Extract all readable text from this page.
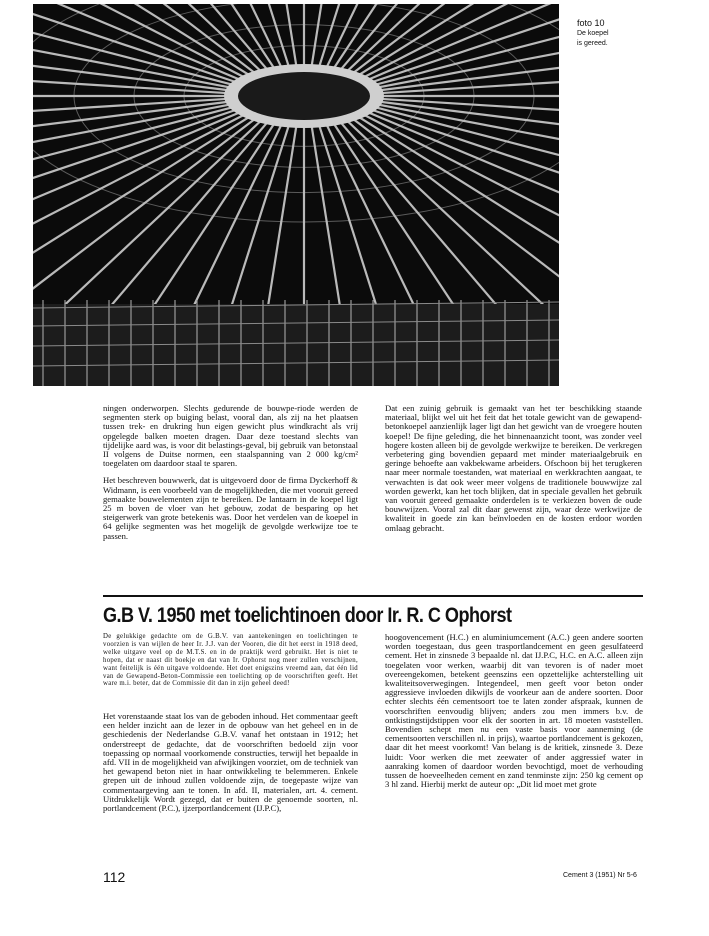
foto 10
De koepel
is gereed.

ningen onderworpen. Slechts gedurende de bouwpe-riode werden de segmenten sterk op buiging belast, vooral dan, als zij na het plaatsen tussen trek- en drukring hun eigen gewicht plus windkracht als vrij opgelegde balken moeten dragen. Daar deze toestand slechts van tijdelijke aard was, is voor dit belastings-geval, bij gebruik van betonstaal II volgens de Duitse normen, een staalspanning van 2 000 kg/cm² toegelaten om daardoor staal te sparen.

Het beschreven bouwwerk, dat is uitgevoerd door de firma Dyckerhoff & Widmann, is een voorbeeld van de mogelijkheden, die met vooruit gereed gemaakte bouwelementen zijn te bereiken. De lantaarn in de koepel ligt 25 m boven de vloer van het gebouw, zodat de besparing op het steigerwerk van grote betekenis was. Door het verdelen van de koepel in 64 gelijke segmenten was het mogelijk de gevolgde werkwijze toe te passen.

Dat een zuinig gebruik is gemaakt van het ter beschikking staande materiaal, blijkt wel uit het feit dat het totale gewicht van de gewapend-betonkoepel aanzienlijk lager ligt dan het gewicht van de vroegere houten koepel! De fijne geleding, die het binnenaanzicht toont, was zonder veel hogere kosten alleen bij de gevolgde werkwijze te bereiken. De verkregen verbetering ging bovendien gepaard met minder materiaalgebruik en geringe behoefte aan vakbekwame arbeiders. Ofschoon bij het terugkeren naar meer normale toestanden, wat materiaal en werkkrachten aangaat, te verwachten is dat ook weer meer volgens de traditionele bouwwijze zal worden gewerkt, kan het toch blijken, dat in speciale gevallen het gebruik van vooruit gereed gemaakte onderdelen is te verkiezen boven de oude bouwwijzen. Vooral zal dit daar gewenst zijn, waar deze werkwijze de kwaliteit in goede zin kan beïnvloeden en de kosten erdoor worden omlaag gebracht.

G.B V. 1950 met toelichtinoen door Ir. R. C Ophorst
De gelukkige gedachte om de G.B.V. van aantekeningen en toelichtingen te voorzien is van wijlen de heer Ir. J.J. van der Vooren, die dit het eerst in 1918 deed, welke uitgave veel op de M.T.S. en in de praktijk werd gebruikt. Het is niet te hopen, dat er naast dit boekje en dat van Ir. Ophorst nog meer zullen verschijnen, want feitelijk is één uitgave voldoende. Het doet enigszins vreemd aan, dat één lid van de Gewapend-Beton-Commissie een toelichting op de voorschriften geeft. Het ware m.i. beter, dat de Commissie dit dan in zijn geheel deed!

Het vorenstaande staat los van de geboden inhoud. Het commentaar geeft een helder inzicht aan de lezer in de opbouw van het geheel en in de geschiedenis der Nederlandse G.B.V. vanaf het ontstaan in 1912; het onderstreept de gedachte, dat de voorschriften bedoeld zijn voor toepassing op normaal voorkomende constructies, terwijl het bepaalde in afd. VII in de mogelijkheid van afwijkingen voorziet, om de techniek van het gewapend beton niet in haar ontwikkeling te belemmeren. Enkele grepen uit de inhoud zullen voldoende zijn, de toegepaste wijze van commentaargeving aan te tonen. In afd. II, materialen, art. 4. cement. Uitdrukkelijk Wordt gezegd, dat er buiten de genoemde soorten, nl. portlandcement (P.C.), ijzerportlandcement (IJ.P.C),

hoogovencement (H.C.) en aluminiumcement (A.C.) geen andere soorten worden toegestaan, dus geen trasportlandcement en geen gesulfateerd cement. Het in zinsnede 3 bepaalde nl. dat IJ.P.C, H.C. en A.C. alleen zijn toegelaten voor werken, waarbij dit van tevoren is of nader moet overeengekomen, betekent geenszins een opzettelijke achterstelling uit kwaliteitsoverwegingen. Integendeel, men geeft voor beton onder aggressieve invloeden dikwijls de voorkeur aan de andere soorten. Door echter slechts één cementsoort toe te laten zonder afspraak, kunnen de voorschriften eenvoudig blijven; anders zou men immers b.v. de ontkistingstijdstippen voor elk der soorten in art. 18 moeten vaststellen. Bovendien schept men nu een vaste basis voor aanneming (de cementsoorten verschillen nl. in prijs), waartoe portlandcement is gekozen, daar dit het meest voorkomt! Van belang is de kritiek, zinsnede 3. Deze luidt: Voor werken die met zeewater of ander aggressief water in aanraking komen of daardoor worden bevochtigd, moet de verhouding tussen de hoeveelheden cement en zand tenminste zijn: 250 kg cement op 3 hl zand. Hierbij merkt de auteur op: „Dit lid moet met grote

112	Cement 3 (1951) Nr 5-6
